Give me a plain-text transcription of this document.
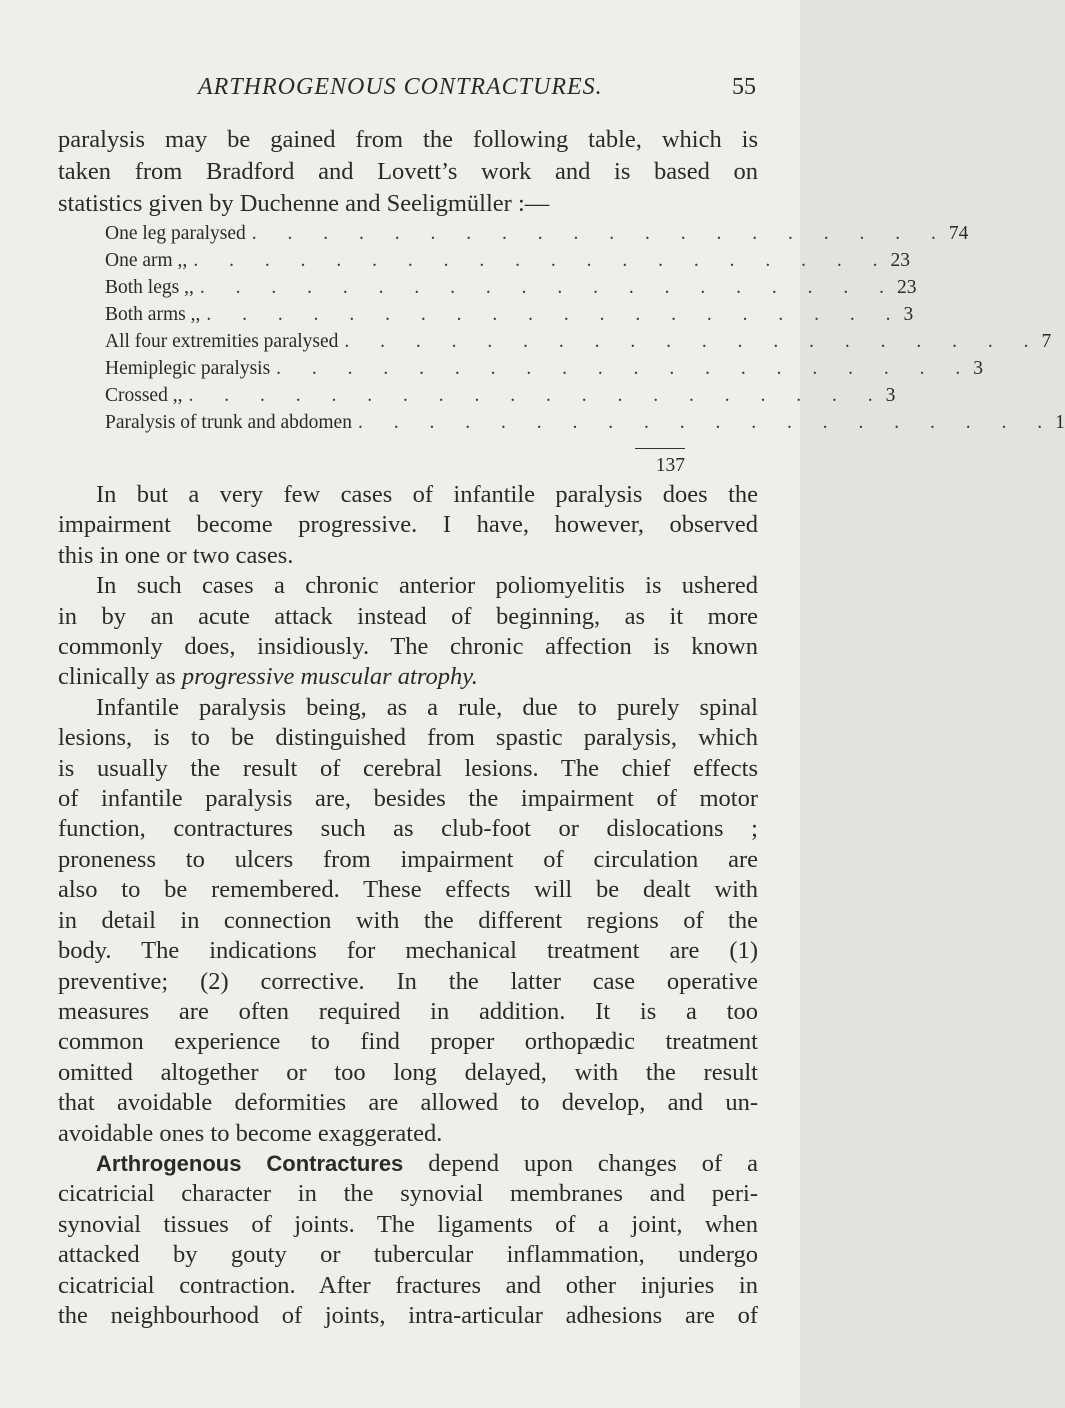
ARTHROGENOUS CONTRACTURES.	55
paralysis may be gained from the following table, which is
taken from Bradford and Lovett’s work and is based on
statistics given by Duchenne and Seeligmüller :—
One leg paralysed . . . . . . . . . . . . . . . . . . . . 74
One arm ,, . . . . . . . . . . . . . . . . . . . . 23
Both legs ,, . . . . . . . . . . . . . . . . . . . . 23
Both arms ,, . . . . . . . . . . . . . . . . . . . . 3
All four extremities paralysed . . . . . . . . . . . . . . . . . . . . 7
Hemiplegic paralysis . . . . . . . . . . . . . . . . . . . . 3
Crossed ,, . . . . . . . . . . . . . . . . . . . . 3
Paralysis of trunk and abdomen . . . . . . . . . . . . . . . . . . . . 1
137

In but a very few cases of infantile paralysis does the
impairment become progressive. I have, however, observed
this in one or two cases.

In such cases a chronic anterior poliomyelitis is ushered
in by an acute attack instead of beginning, as it more
commonly does, insidiously. The chronic affection is known
clinically as progressive muscular atrophy.

Infantile paralysis being, as a rule, due to purely spinal
lesions, is to be distinguished from spastic paralysis, which
is usually the result of cerebral lesions. The chief effects
of infantile paralysis are, besides the impairment of motor
function, contractures such as club-foot or dislocations ;
proneness to ulcers from impairment of circulation are
also to be remembered. These effects will be dealt with
in detail in connection with the different regions of the
body. The indications for mechanical treatment are (1)
preventive; (2) corrective. In the latter case operative
measures are often required in addition. It is a too
common experience to find proper orthopædic treatment
omitted altogether or too long delayed, with the result
that avoidable deformities are allowed to develop, and un-
avoidable ones to become exaggerated.

Arthrogenous Contractures depend upon changes of a
cicatricial character in the synovial membranes and peri-
synovial tissues of joints. The ligaments of a joint, when
attacked by gouty or tubercular inflammation, undergo
cicatricial contraction. After fractures and other injuries in
the neighbourhood of joints, intra-articular adhesions are of
